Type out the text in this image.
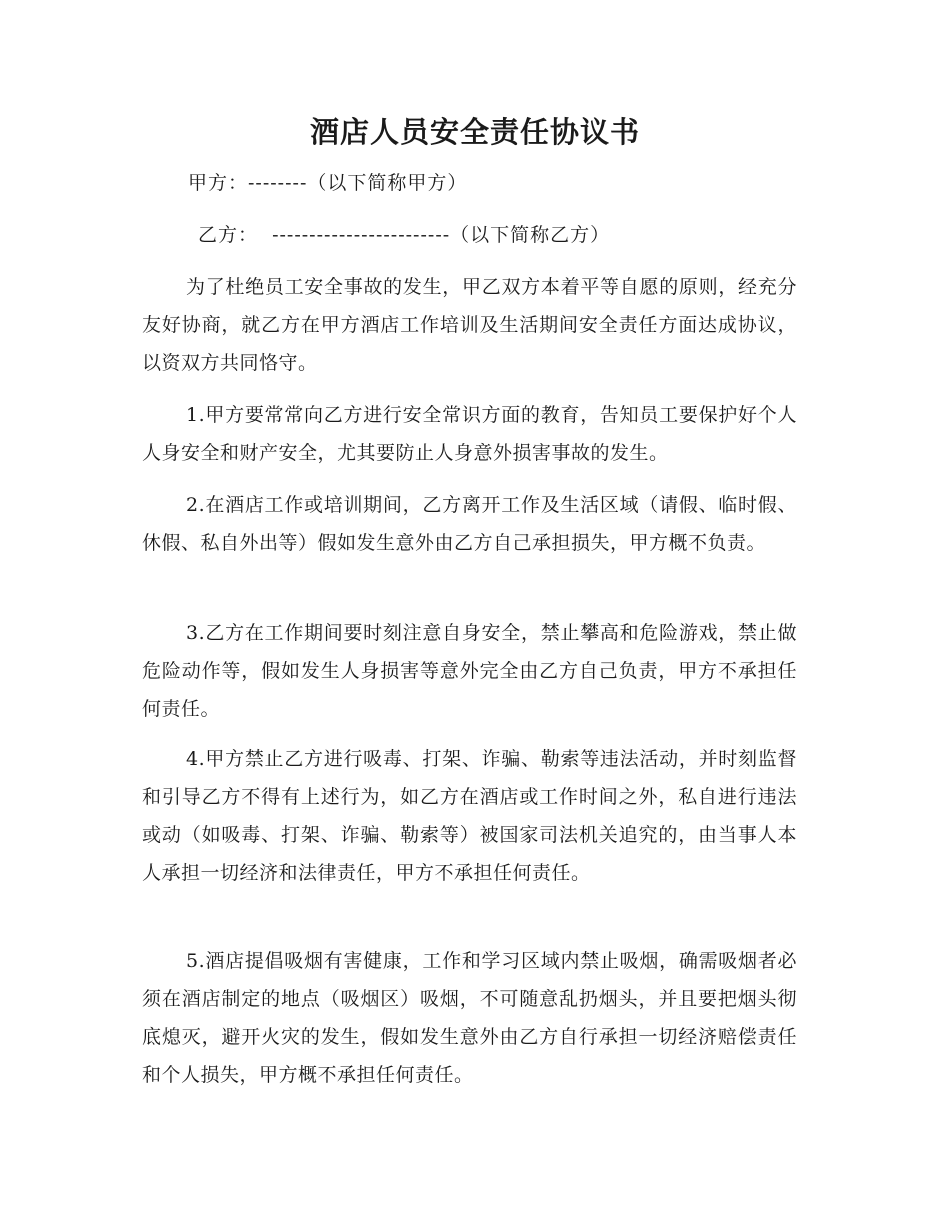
酒店人员安全责任协议书
甲方：--------（以下简称甲方）
乙方：  ------------------------（以下简称乙方）

为了杜绝员工安全事故的发生，甲乙双方本着平等自愿的原则，经充分友好协商，就乙方在甲方酒店工作培训及生活期间安全责任方面达成协议，以资双方共同恪守。

1.甲方要常常向乙方进行安全常识方面的教育，告知员工要保护好个人人身安全和财产安全，尤其要防止人身意外损害事故的发生。

2.在酒店工作或培训期间，乙方离开工作及生活区域（请假、临时假、休假、私自外出等）假如发生意外由乙方自己承担损失，甲方概不负责。

3.乙方在工作期间要时刻注意自身安全，禁止攀高和危险游戏，禁止做危险动作等，假如发生人身损害等意外完全由乙方自己负责，甲方不承担任何责任。

4.甲方禁止乙方进行吸毒、打架、诈骗、勒索等违法活动，并时刻监督和引导乙方不得有上述行为，如乙方在酒店或工作时间之外，私自进行违法或动（如吸毒、打架、诈骗、勒索等）被国家司法机关追究的，由当事人本人承担一切经济和法律责任，甲方不承担任何责任。

5.酒店提倡吸烟有害健康，工作和学习区域内禁止吸烟，确需吸烟者必须在酒店制定的地点（吸烟区）吸烟，不可随意乱扔烟头，并且要把烟头彻底熄灭，避开火灾的发生，假如发生意外由乙方自行承担一切经济赔偿责任和个人损失，甲方概不承担任何责任。
